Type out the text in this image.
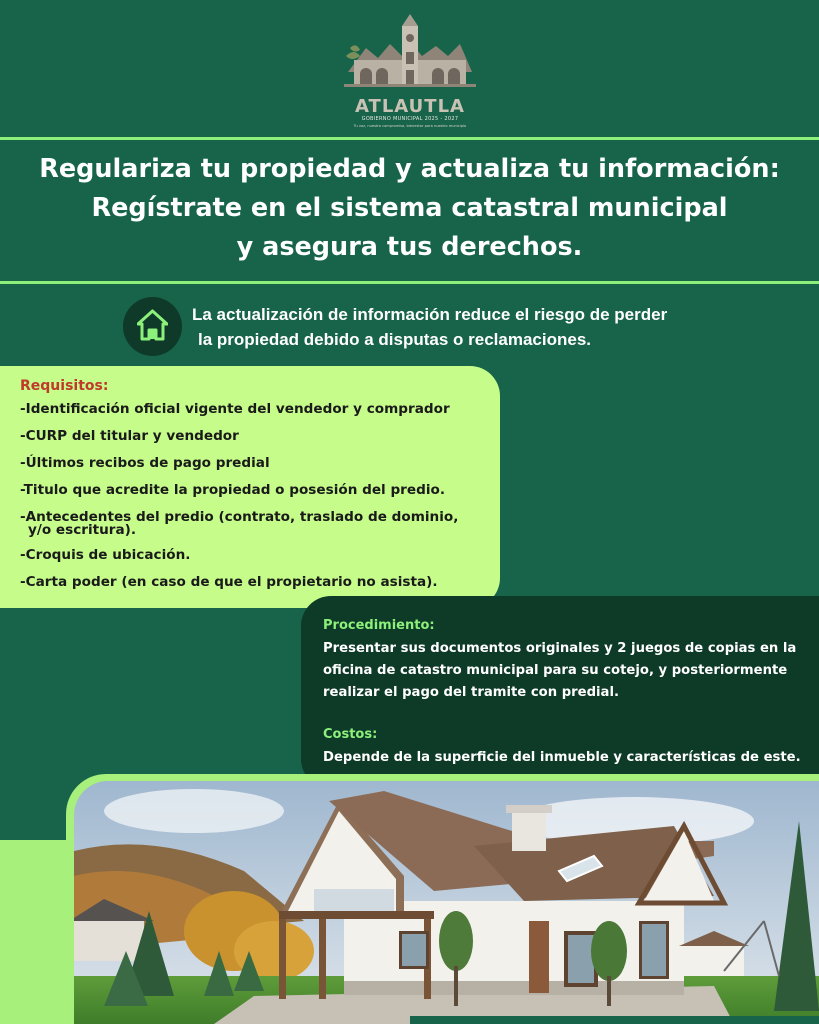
ATLAUTLA
GOBIERNO MUNICIPAL 2025 - 2027
Tu voz, nuestro compromiso, bienestar para nuestro municipio
Regulariza tu propiedad y actualiza tu información:
Regístrate en el sistema catastral municipal
y asegura tus derechos.
La actualización de información reduce el riesgo de perder
la propiedad debido a disputas o reclamaciones.
Requisitos:
-Identificación oficial vigente del vendedor y comprador
-CURP del titular y vendedor
-Últimos recibos de pago predial
-Titulo que acredite la propiedad o posesión del predio.
-Antecedentes del predio (contrato, traslado de dominio,
y/o escritura).
-Croquis de ubicación.
-Carta poder (en caso de que el propietario no asista).
Procedimiento:
Presentar sus documentos originales y 2 juegos de copias en la
oficina de catastro municipal para su cotejo, y posteriormente
realizar el pago del tramite con predial.
Costos:
Depende de la superficie del inmueble y características de este.
